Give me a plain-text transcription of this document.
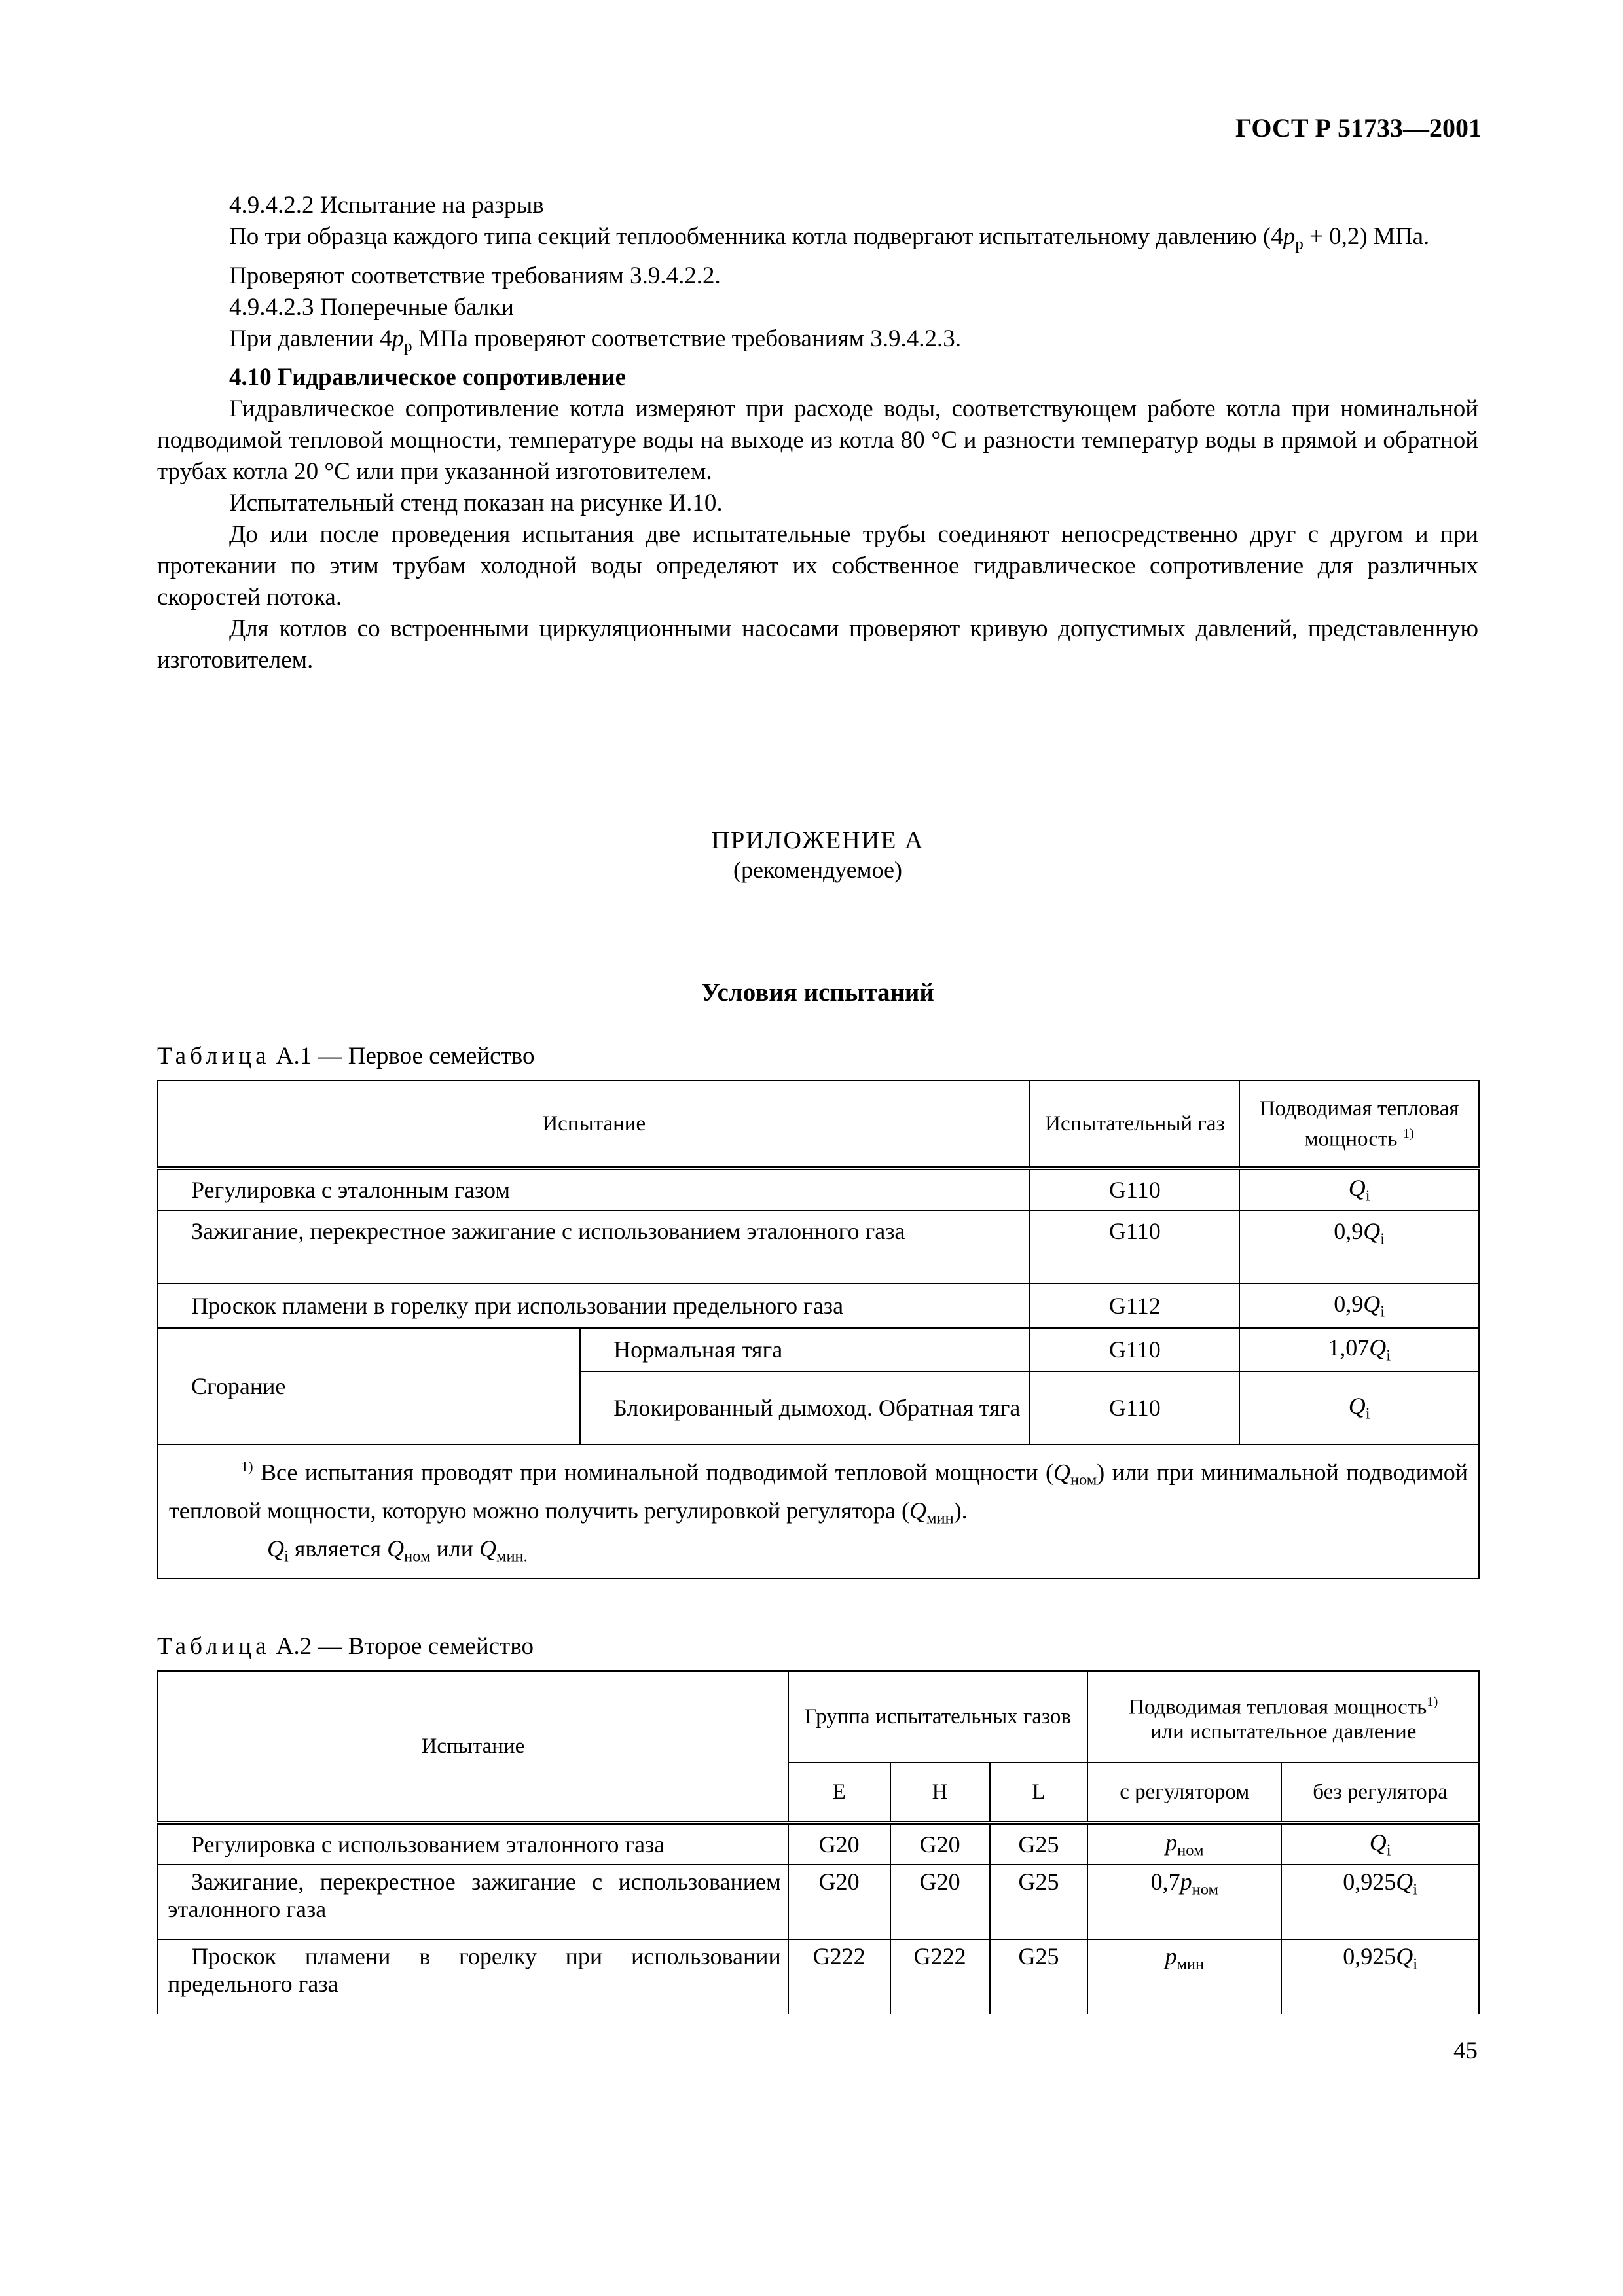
ГОСТ Р 51733—2001
4.9.4.2.2 Испытание на разрыв
По три образца каждого типа секций теплообменника котла подвергают испытательному давлению $(4p_р + 0,2)$ МПа.
Проверяют соответствие требованиям 3.9.4.2.2.
4.9.4.2.3 Поперечные балки
При давлении $4p_р$ МПа проверяют соответствие требованиям 3.9.4.2.3.
4.10 Гидравлическое сопротивление
Гидравлическое сопротивление котла измеряют при расходе воды, соответствующем работе котла при номинальной подводимой тепловой мощности, температуре воды на выходе из котла 80 °С и разности температур воды в прямой и обратной трубах котла 20 °С или при указанной изготовителем.
Испытательный стенд показан на рисунке И.10.
До или после проведения испытания две испытательные трубы соединяют непосредственно друг с другом и при протекании по этим трубам холодной воды определяют их собственное гидравлическое сопротивление для различных скоростей потока.
Для котлов со встроенными циркуляционными насосами проверяют кривую допустимых давлений, представленную изготовителем.
ПРИЛОЖЕНИЕ А
(рекомендуемое)
Условия испытаний
Таблица А.1 — Первое семейство
Испытание		Испытательный газ	Подводимая тепловая мощность $^{1)}$
Регулировка с эталонным газом		G110	$Q_i$
Зажигание, перекрестное зажигание с использованием эталонного газа		G110	$0,9Q_i$
Проскок пламени в горелку при использовании предельного газа		G112	$0,9Q_i$
Сгорание	Нормальная тяга	G110	$1,07Q_i$
	Блокированный дымоход. Обратная тяга	G110	$Q_i$

$^{1)}$ Все испытания проводят при номинальной подводимой тепловой мощности $(Q_{ном})$ или при минимальной подводимой тепловой мощности, которую можно получить регулировкой регулятора $(Q_{мин})$.
$Q_i$ является $Q_{ном}$ или $Q_{мин.}$
Таблица А.2 — Второе семейство
Испытание	Группа испытательных газов			Подводимая тепловая мощность$^{1)}$
или испытательное давление	
	E	H	L	с регулятором	без регулятора
Регулировка с использованием эталонного газа	G20	G20	G25	$p_{ном}$	$Q_i$

Зажигание, перекрестное зажигание с использованием эталонного газа	G20	G20	G25	$0,7p_{ном}$	$0,925Q_i$

Проскок пламени в горелку при использовании предельного газа	G222	G222	G25	$p_{мин}$	$0,925Q_i$
45
